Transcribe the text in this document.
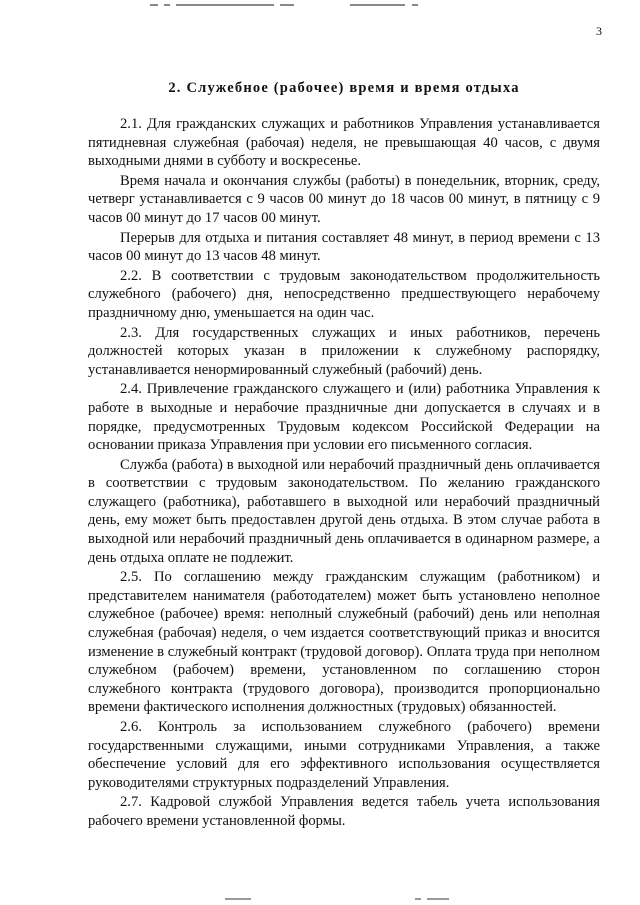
3
2. Служебное (рабочее) время и время отдыха

2.1. Для гражданских служащих и работников Управления устанавливается пятидневная служебная (рабочая) неделя, не превышающая 40 часов, с двумя выходными днями в субботу и воскресенье.

Время начала и окончания службы (работы) в понедельник, вторник, среду, четверг устанавливается с 9 часов 00 минут до 18 часов 00 минут, в пятницу с 9 часов 00 минут до 17 часов 00 минут.

Перерыв для отдыха и питания составляет 48 минут, в период времени с 13 часов 00 минут до 13 часов 48 минут.

2.2. В соответствии с трудовым законодательством продолжительность служебного (рабочего) дня, непосредственно предшествующего нерабочему праздничному дню, уменьшается на один час.

2.3. Для государственных служащих и иных работников, перечень должностей которых указан в приложении к служебному распорядку, устанавливается ненормированный служебный (рабочий) день.

2.4. Привлечение гражданского служащего и (или) работника Управления к работе в выходные и нерабочие праздничные дни допускается в случаях и в порядке, предусмотренных Трудовым кодексом Российской Федерации на основании приказа Управления при условии его письменного согласия.

Служба (работа) в выходной или нерабочий праздничный день оплачивается в соответствии с трудовым законодательством. По желанию гражданского служащего (работника), работавшего в выходной или нерабочий праздничный день, ему может быть предоставлен другой день отдыха. В этом случае работа в выходной или нерабочий праздничный день оплачивается в одинарном размере, а день отдыха оплате не подлежит.

2.5. По соглашению между гражданским служащим (работником) и представителем нанимателя (работодателем) может быть установлено неполное служебное (рабочее) время: неполный служебный (рабочий) день или неполная служебная (рабочая) неделя, о чем издается соответствующий приказ и вносится изменение в служебный контракт (трудовой договор). Оплата труда при неполном служебном (рабочем) времени, установленном по соглашению сторон служебного контракта (трудового договора), производится пропорционально времени фактического исполнения должностных (трудовых) обязанностей.

2.6. Контроль за использованием служебного (рабочего) времени государственными служащими, иными сотрудниками Управления, а также обеспечение условий для его эффективного использования осуществляется руководителями структурных подразделений Управления.

2.7. Кадровой службой Управления ведется табель учета использования рабочего времени установленной формы.
